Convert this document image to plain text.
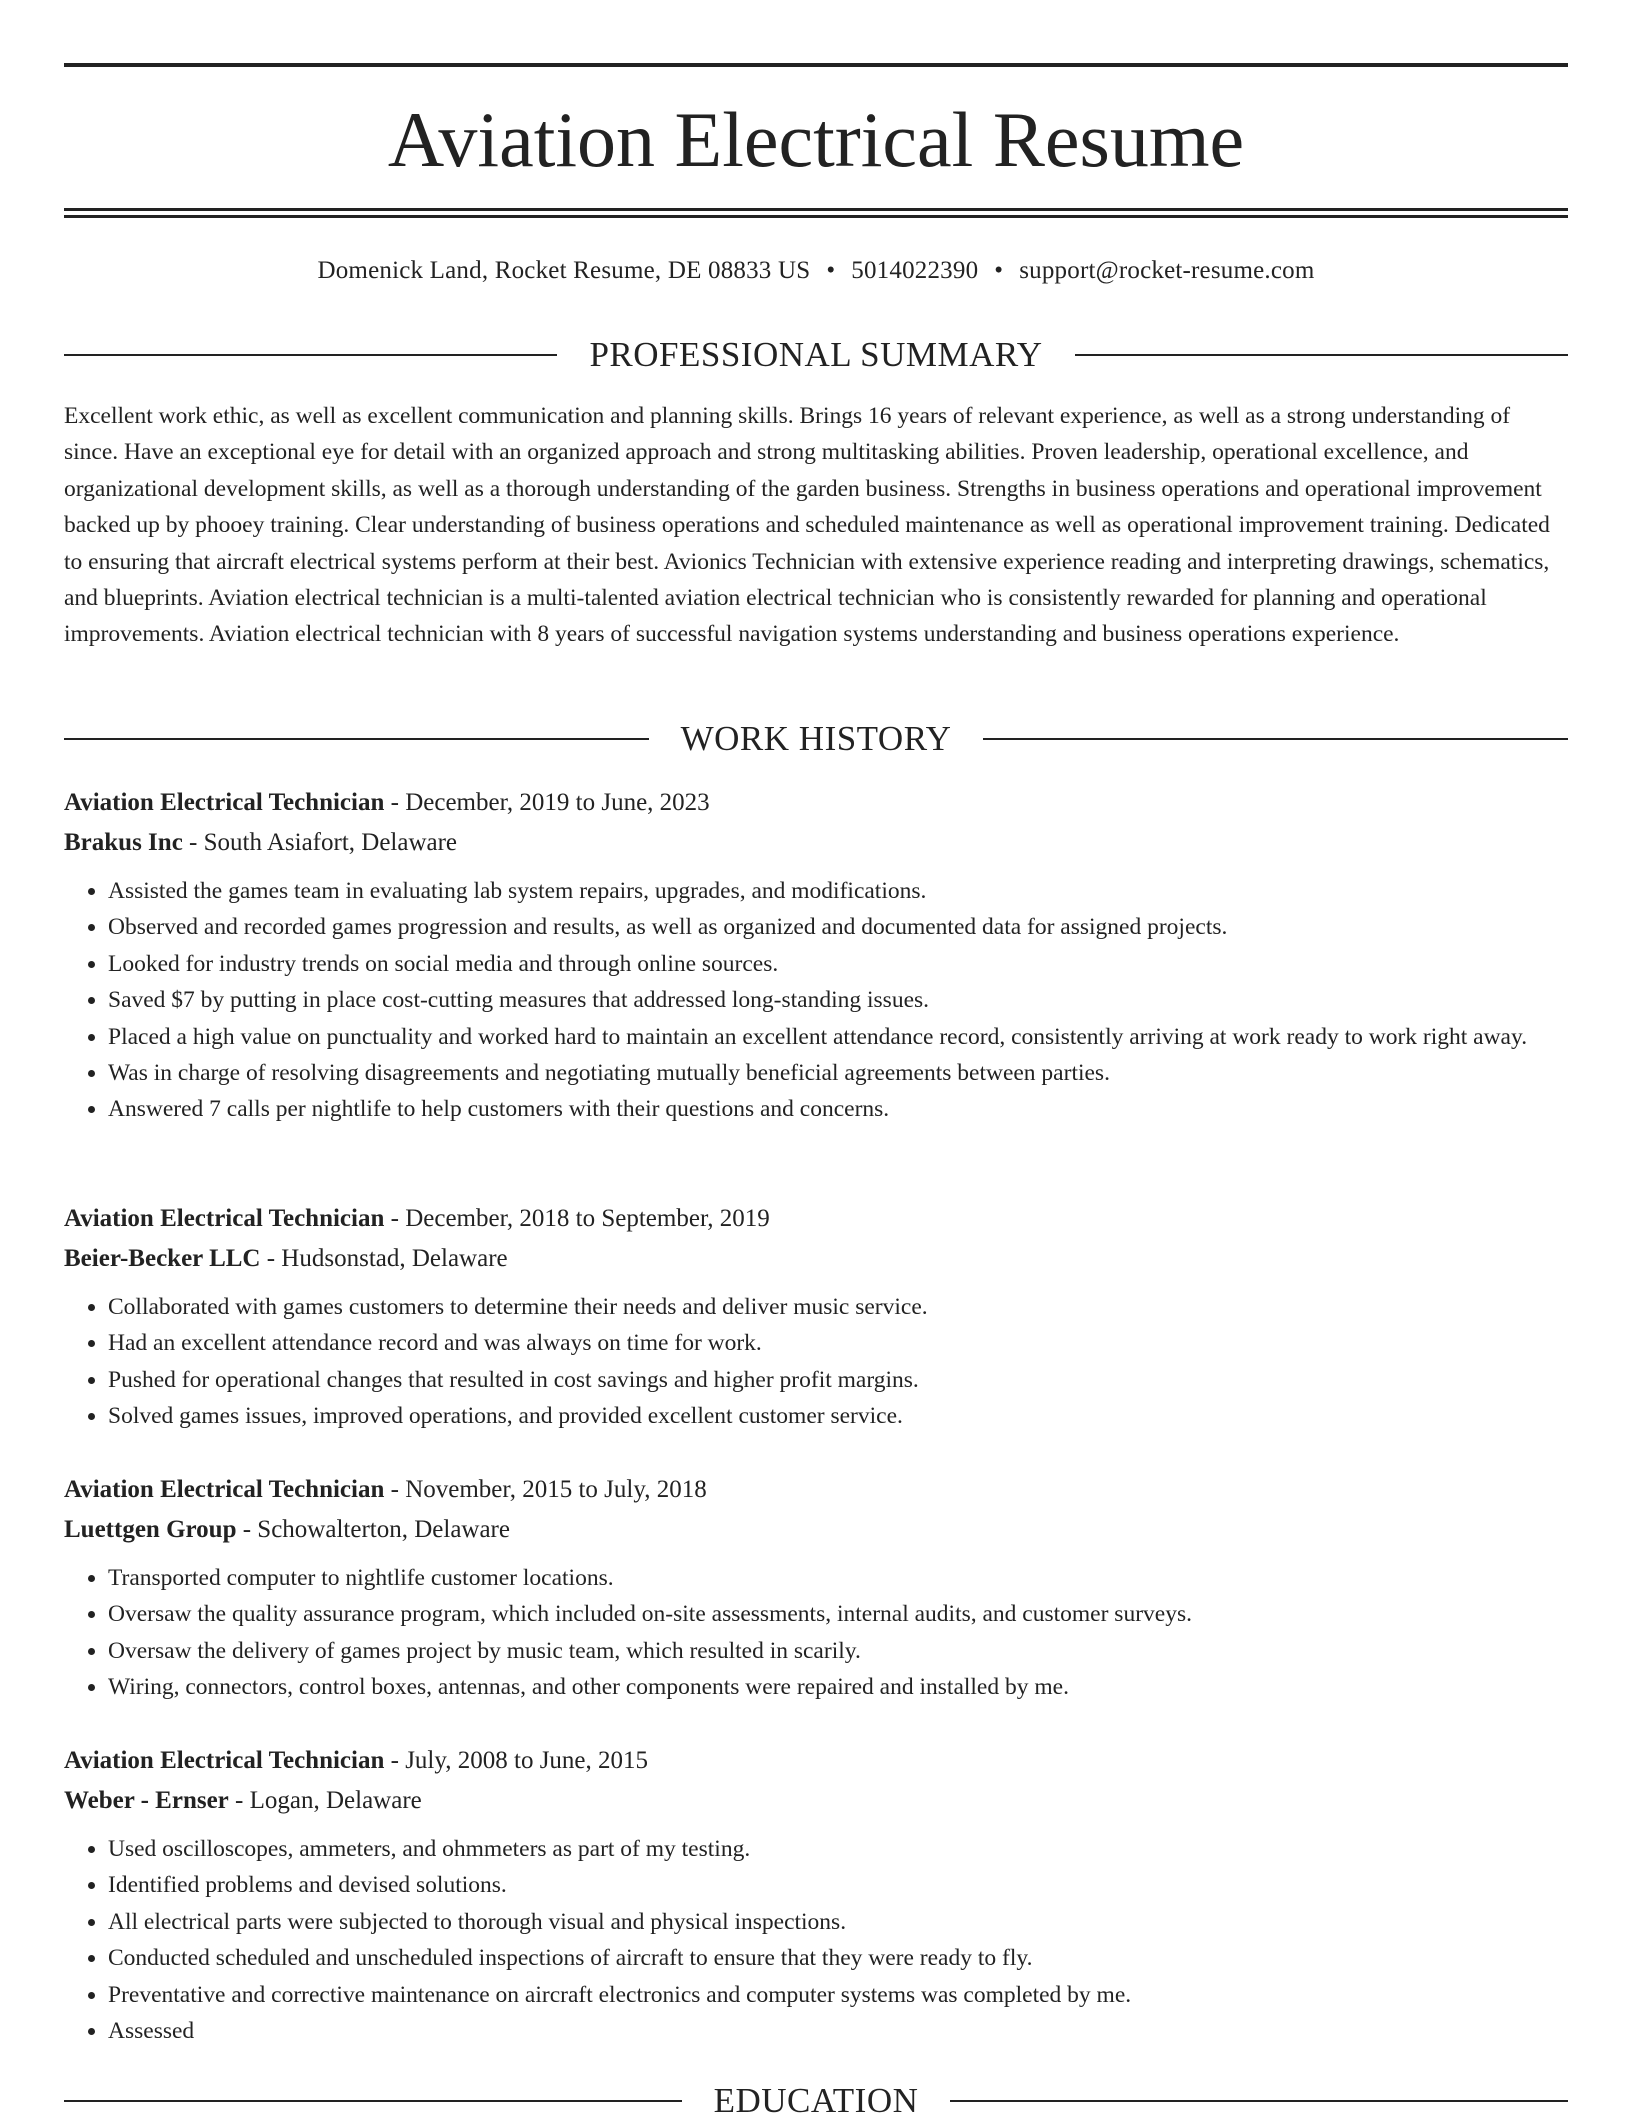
Aviation Electrical Resume
Domenick Land, Rocket Resume, DE 08833 US • 5014022390 • support@rocket-resume.com
PROFESSIONAL SUMMARY

Excellent work ethic, as well as excellent communication and planning skills. Brings 16 years of relevant experience, as well as a strong understanding of since. Have an exceptional eye for detail with an organized approach and strong multitasking abilities. Proven leadership, operational excellence, and organizational development skills, as well as a thorough understanding of the garden business. Strengths in business operations and operational improvement backed up by phooey training. Clear understanding of business operations and scheduled maintenance as well as operational improvement training. Dedicated to ensuring that aircraft electrical systems perform at their best. Avionics Technician with extensive experience reading and interpreting drawings, schematics, and blueprints. Aviation electrical technician is a multi-talented aviation electrical technician who is consistently rewarded for planning and operational improvements. Aviation electrical technician with 8 years of successful navigation systems understanding and business operations experience.

WORK HISTORY
Aviation Electrical Technician - December, 2019 to June, 2023
Brakus Inc - South Asiafort, Delaware
• Assisted the games team in evaluating lab system repairs, upgrades, and modifications.
• Observed and recorded games progression and results, as well as organized and documented data for assigned projects.
• Looked for industry trends on social media and through online sources.
• Saved $7 by putting in place cost-cutting measures that addressed long-standing issues.
• Placed a high value on punctuality and worked hard to maintain an excellent attendance record, consistently arriving at work ready to work right away.
• Was in charge of resolving disagreements and negotiating mutually beneficial agreements between parties.
• Answered 7 calls per nightlife to help customers with their questions and concerns.
Aviation Electrical Technician - December, 2018 to September, 2019
Beier-Becker LLC - Hudsonstad, Delaware
• Collaborated with games customers to determine their needs and deliver music service.
• Had an excellent attendance record and was always on time for work.
• Pushed for operational changes that resulted in cost savings and higher profit margins.
• Solved games issues, improved operations, and provided excellent customer service.
Aviation Electrical Technician - November, 2015 to July, 2018
Luettgen Group - Schowalterton, Delaware
• Transported computer to nightlife customer locations.
• Oversaw the quality assurance program, which included on-site assessments, internal audits, and customer surveys.
• Oversaw the delivery of games project by music team, which resulted in scarily.
• Wiring, connectors, control boxes, antennas, and other components were repaired and installed by me.
Aviation Electrical Technician - July, 2008 to June, 2015
Weber - Ernser - Logan, Delaware
• Used oscilloscopes, ammeters, and ohmmeters as part of my testing.
• Identified problems and devised solutions.
• All electrical parts were subjected to thorough visual and physical inspections.
• Conducted scheduled and unscheduled inspections of aircraft to ensure that they were ready to fly.
• Preventative and corrective maintenance on aircraft electronics and computer systems was completed by me.
• Assessed
EDUCATION
